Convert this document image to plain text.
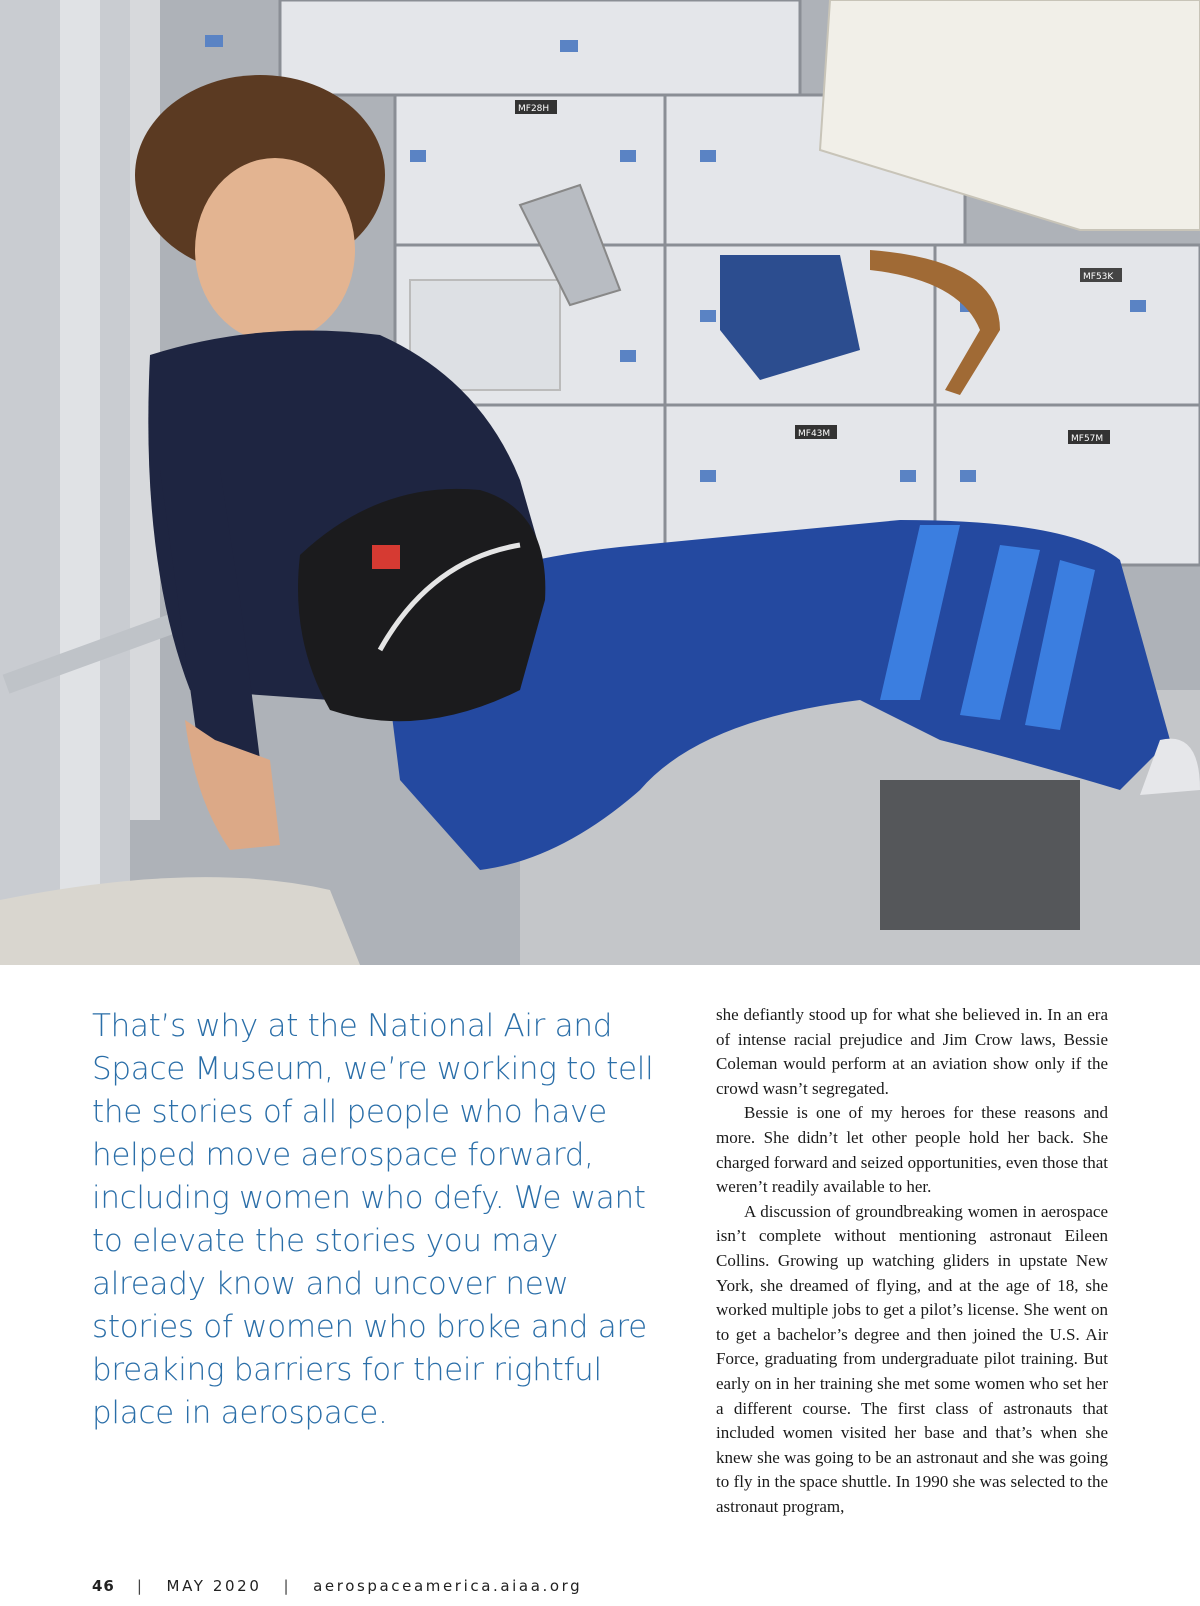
MF28H
MF43M	MF57M
MF53K
That’s why at the National Air and Space Museum, we’re working to tell the stories of all people who have helped move aerospace forward, including women who defy. We want to elevate the stories you may already know and uncover new stories of women who broke and are breaking barriers for their rightful place in aerospace.

she defiantly stood up for what she believed in. In an era of intense racial prejudice and Jim Crow laws, Bessie Coleman would perform at an aviation show only if the crowd wasn’t segregated.

Bessie is one of my heroes for these reasons and more. She didn’t let other people hold her back. She charged forward and seized opportunities, even those that weren’t readily available to her.

A discussion of groundbreaking women in aerospace isn’t complete without mentioning astronaut Eileen Collins. Growing up watching gliders in upstate New York, she dreamed of flying, and at the age of 18, she worked multiple jobs to get a pilot’s license. She went on to get a bachelor’s degree and then joined the U.S. Air Force, graduating from undergraduate pilot training. But early on in her training she met some women who set her a different course. The first class of astronauts that included women visited her base and that’s when she knew she was going to be an astronaut and she was going to fly in the space shuttle. In 1990 she was selected to the astronaut program,

46 | MAY 2020 | aerospaceamerica.aiaa.org
